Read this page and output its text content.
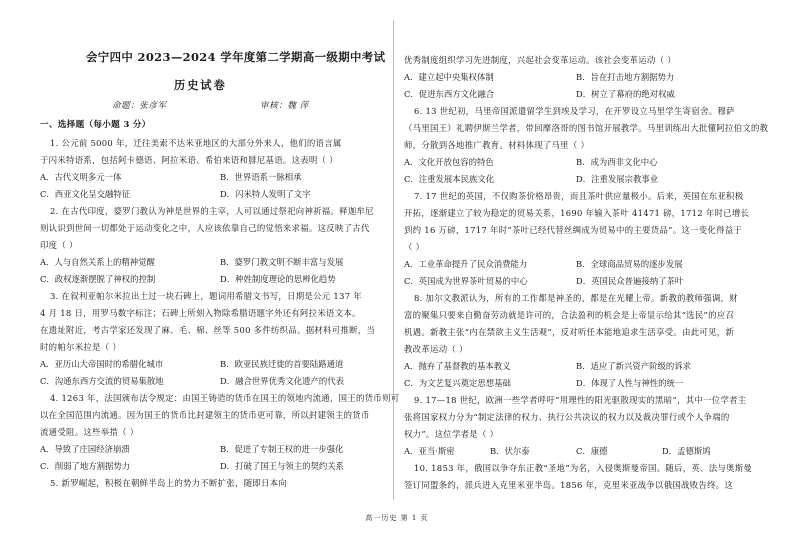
会宁四中 2023—2024 学年度第二学期高一级期中考试
历史试卷
命题：张彦军	审核：魏 萍
一、选择题（每小题 3 分）
1. 公元前 5000 年，迁往美索不达米亚地区的大部分外来人，他们的语言属
于闪米特语系，包括阿卡德语、阿拉米语、希伯来语和腓尼基语。这表明（ ）
A．古代文明多元一体	B．世界语系一脉相承
C．西亚文化呈交融特征	D．闪米特人发明了文字
2. 在古代印度，婆罗门教认为神是世界的主宰，人可以通过祭祀向神祈福。释迦牟尼
则认识到世间一切都处于运动变化之中，人应该依靠自己的觉悟来求福。这反映了古代
印度（ ）
A．人与自然关系上的精神觉醒	B．婆罗门教文明不断丰富与发展
C．政权逐渐摆脱了神权的控制	D．种姓制度理论的思辨化趋势
3. 在叙利亚帕尔米拉出土过一块石碑上，题词用希腊文书写，日期是公元 137 年
4 月 18 日，用罗马数字标注；石碑上所刻入物除希腊语题字外还有阿拉米语文本。
在遗址附近，考古学家还发现了麻、毛、棉、丝等 500 多件纺织品。据材料可推断，当
时的帕尔米拉是（ ）
A．亚历山大帝国时的希腊化城市	B．欧亚民族迁徙的首要陆路通道
C．沟通东西方交流的贸易集散地	D．融合世界优秀文化遗产的代表
4. 1263 年，法国颁布法令规定：由国王铸造的货币在国王的领地内流通，国王的货币则可
以在全国范围内流通。因为国王的货币比封建领主的货币更可靠，所以封建领主的货币
流通受阻。这些举措（ ）
A．导致了庄园经济崩溃	B．促进了专制王权的进一步强化
C．削弱了地方割据势力	D．打破了国王与领主的契约关系
5. 新罗崛起，积极在朝鲜半岛上的势力不断扩张，随即日本向
优秀制度组织学习先进制度，兴起社会变革运动。该社会变革运动（ ）
A．建立起中央集权体制	B．旨在打击地方割据势力
C．促进东西方文化融合	D．树立了幕府的绝对权威
6. 13 世纪初，马里帝国派遣留学生到埃及学习，在开罗设立马里学生寄宿舍。穆萨
（马里国王）礼聘伊斯兰学者，带回摩洛哥的图书馆开展教学。马里训练出大批懂阿拉伯文的教
师，分散到各地推广教育。材料体现了马里（ ）
A．文化开放包容的特色	B．成为西非文化中心
C．注重发展本民族文化	D．注重发展宗教事业
7. 17 世纪的英国，不仅购茶价格昂贵，而且茶叶供应量极小。后来，英国在东亚积极
开拓，逐渐建立了较为稳定的贸易关系，1690 年输入茶叶 41471 磅，1712 年时已增长
到约 16 万磅，1717 年时“茶叶已经代替丝绸成为贸易中的主要货品”。这一变化得益于
（ ）
A．工业革命提升了民众消费能力	B．全球商品贸易的逐步发展
C．英国成为世界茶叶贸易的中心	D．英国民众普遍接纳了茶叶
8. 加尔文教派认为，所有的工作都是神圣的，都是在光耀上帝。新教的教师强调，财
富的聚集只要来自勤奋劳动就是许可的，合法盈利的机会是上帝显示给其“选民”的应召
机遇。新教主张“内在禁欲主义生活观”，反对听任本能地追求生活享受。由此可见，新
教改革运动（ ）
A．抛弃了基督教的基本教义	B．适应了新兴资产阶级的诉求
C．为文艺复兴奠定思想基础	D．体现了人性与神性的统一
9. 17—18 世纪，欧洲一些学者呼吁“用理性的阳光驱散现实的黑暗”，其中一位学者主
张将国家权力分为“制定法律的权力、执行公共决议的权力以及裁决罪行或个人争端的
权力”。这位学者是（ ）
A．亚当·斯密	B．伏尔泰	C．康德	D．孟德斯鸠
10. 1853 年，俄国以争夺东正教“圣地”为名，入侵奥斯曼帝国。随后，英、法与奥斯曼
签订同盟条约，派兵进入克里米亚半岛。1856 年，克里米亚战争以俄国战败告终。这
高一历史 第 1 页
